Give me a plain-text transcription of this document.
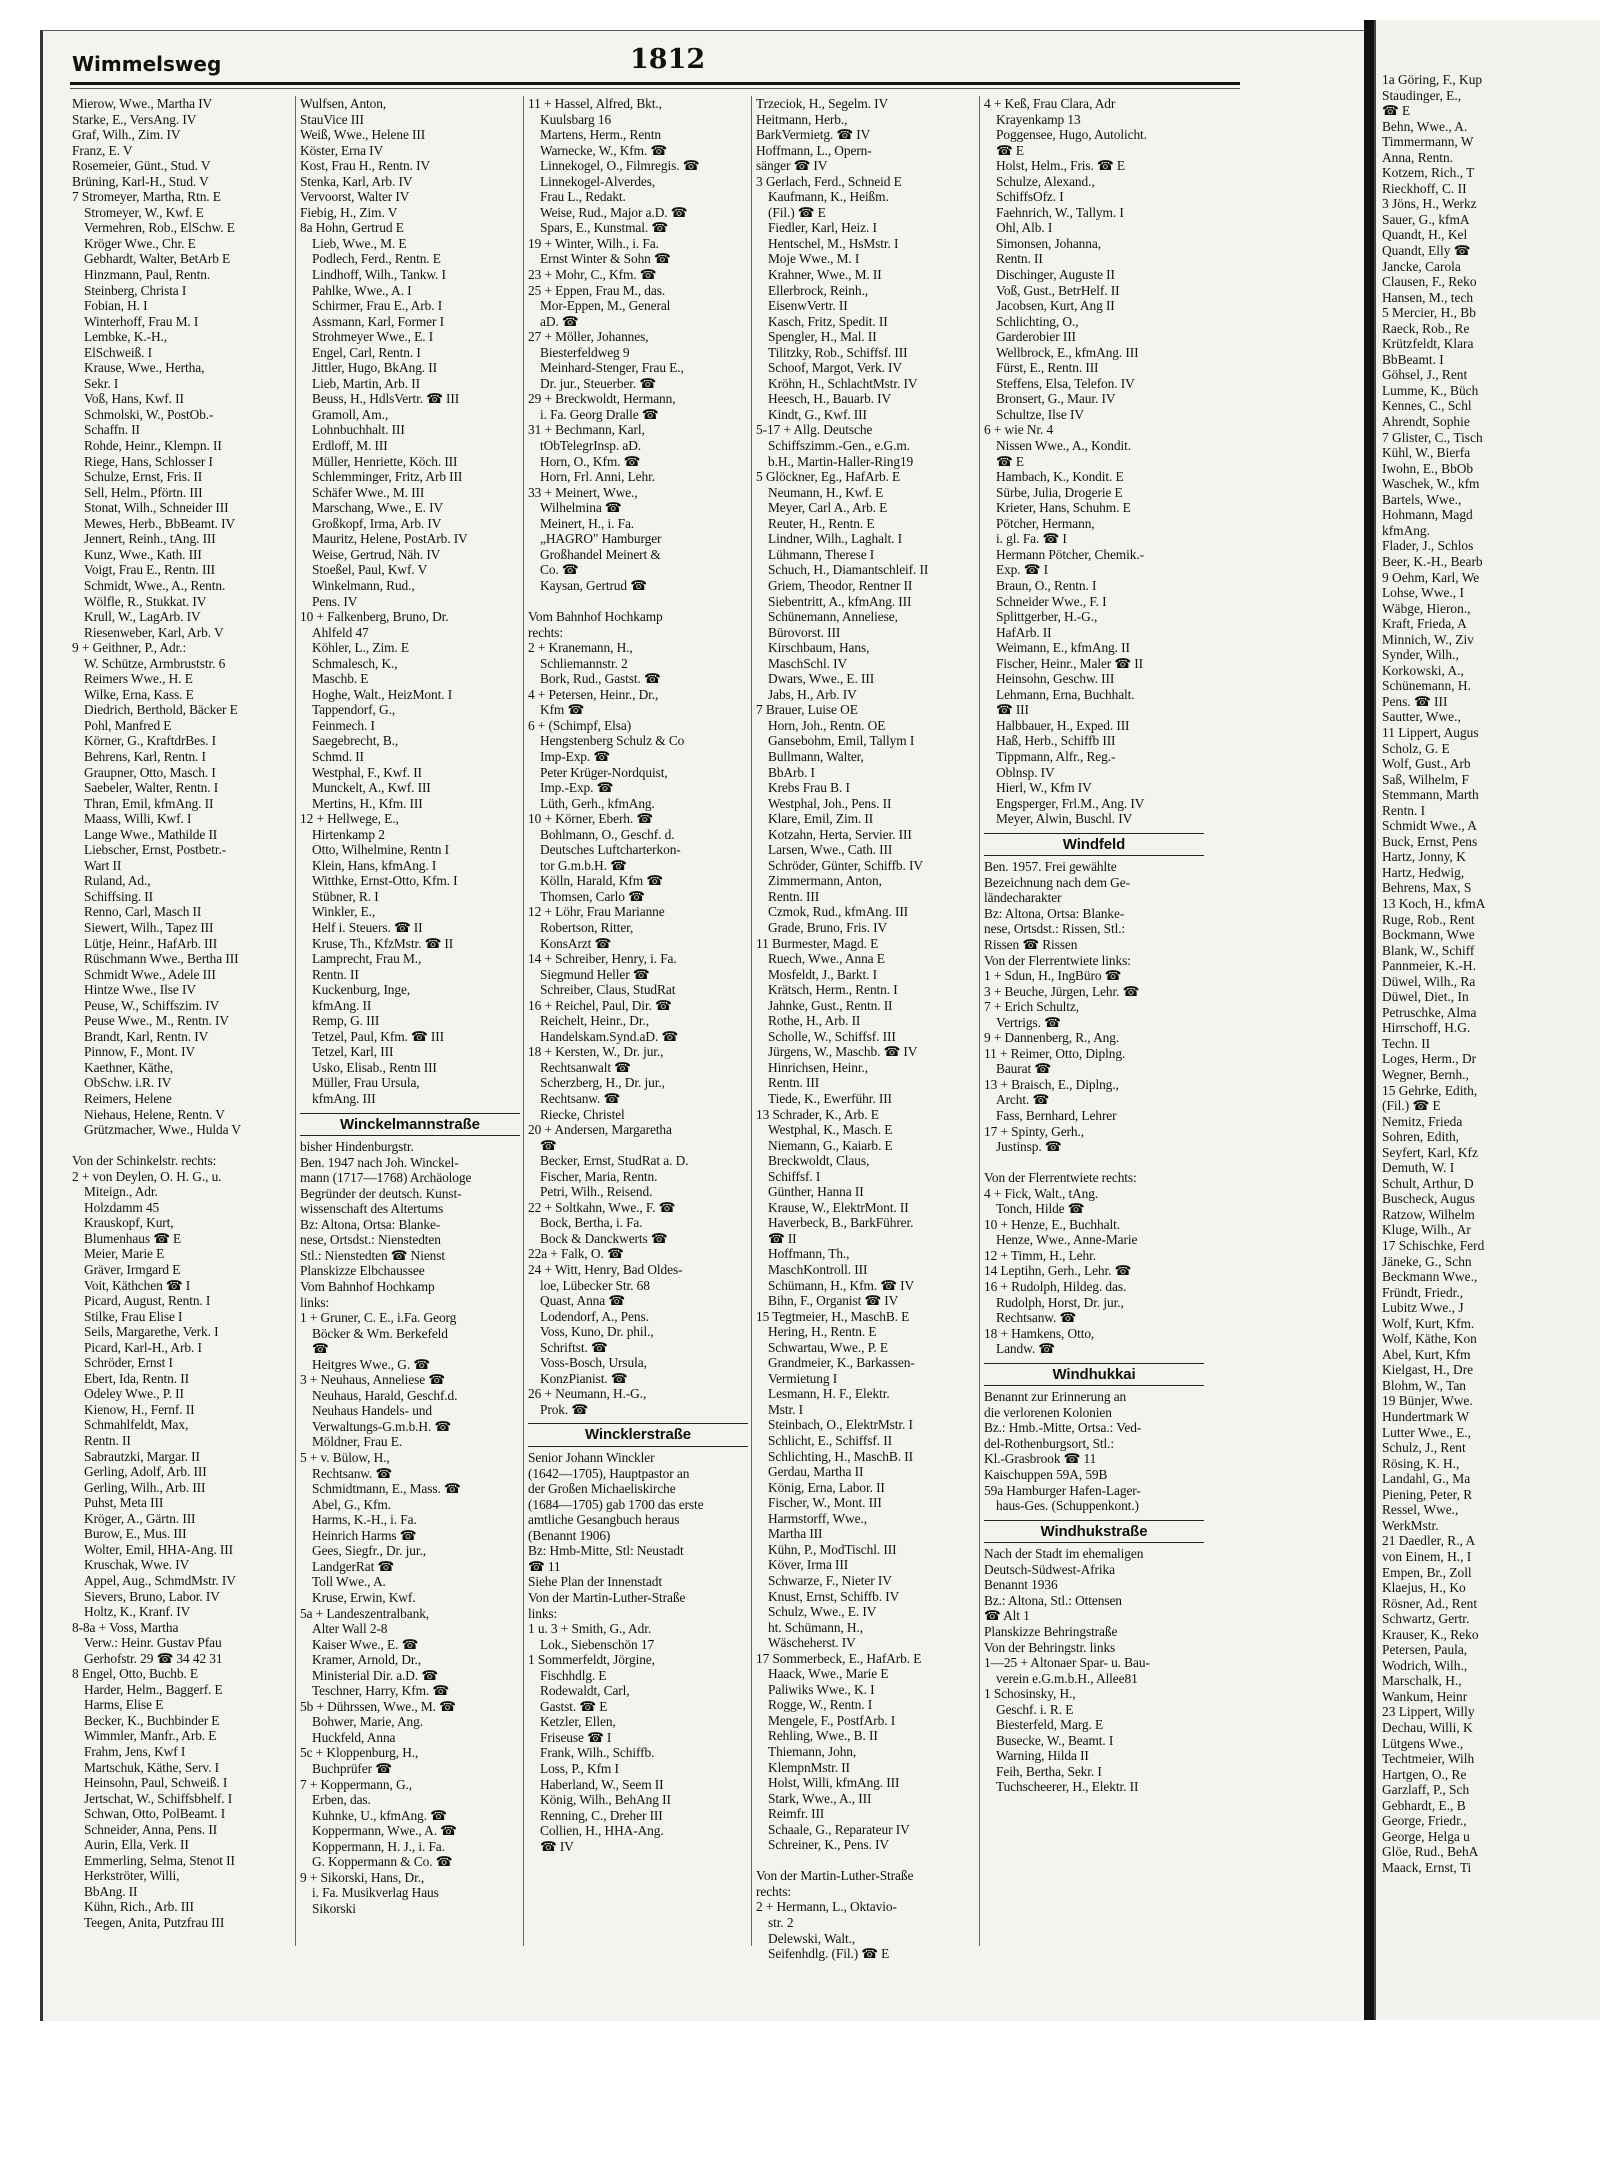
1a Göring, F., Kup

Staudinger, E.,

☎ E

Behn, Wwe., A.

Timmermann, W

Anna, Rentn.

Kotzem, Rich., T

Rieckhoff, C. II

3 Jöns, H., Werkz

Sauer, G., kfmA

Quandt, H., Kel

Quandt, Elly ☎

Jancke, Carola

Clausen, F., Reko

Hansen, M., tech

5 Mercier, H., Bb

Raeck, Rob., Re

Krützfeldt, Klara

BbBeamt. I

Göhsel, J., Rent

Lumme, K., Büch

Kennes, C., Schl

Ahrendt, Sophie

7 Glister, C., Tisch

Kühl, W., Bierfa

Iwohn, E., BbOb

Waschek, W., kfm

Bartels, Wwe.,

Hohmann, Magd

kfmAng.

Flader, J., Schlos

Beer, K.-H., Bearb

9 Oehm, Karl, We

Lohse, Wwe., I

Wäbge, Hieron.,

Kraft, Frieda, A

Minnich, W., Ziv

Synder, Wilh.,

Korkowski, A.,

Schünemann, H.

Pens. ☎ III

Sautter, Wwe.,

11 Lippert, Augus

Scholz, G. E

Wolf, Gust., Arb

Saß, Wilhelm, F

Stemmann, Marth

Rentn. I

Schmidt Wwe., A

Buck, Ernst, Pens

Hartz, Jonny, K

Hartz, Hedwig,

Behrens, Max, S

13 Koch, H., kfmA

Ruge, Rob., Rent

Bockmann, Wwe

Blank, W., Schiff

Pannmeier, K.-H.

Düwel, Wilh., Ra

Düwel, Diet., In

Petruschke, Alma

Hirrschoff, H.G.

Techn. II

Loges, Herm., Dr

Wegner, Bernh.,

15 Gehrke, Edith,

(Fil.) ☎ E

Nemitz, Frieda

Sohren, Edith,

Seyfert, Karl, Kfz

Demuth, W. I

Schult, Arthur, D

Buscheck, Augus

Ratzow, Wilhelm

Kluge, Wilh., Ar

17 Schischke, Ferd

Jäneke, G., Schn

Beckmann Wwe.,

Fründt, Friedr.,

Lubitz Wwe., J

Wolf, Kurt, Kfm.

Wolf, Käthe, Kon

Abel, Kurt, Kfm

Kielgast, H., Dre

Blohm, W., Tan

19 Bünjer, Wwe.

Hundertmark W

Lutter Wwe., E.,

Schulz, J., Rent

Rösing, K. H.,

Landahl, G., Ma

Piening, Peter, R

Ressel, Wwe.,

WerkMstr.

21 Daedler, R., A

von Einem, H., I

Empen, Br., Zoll

Klaejus, H., Ko

Rösner, Ad., Rent

Schwartz, Gertr.

Krauser, K., Reko

Petersen, Paula,

Wodrich, Wilh.,

Marschalk, H.,

Wankum, Heinr

23 Lippert, Willy

Dechau, Willi, K

Lütgens Wwe.,

Techtmeier, Wilh

Hartgen, O., Re

Garzlaff, P., Sch

Gebhardt, E., B

George, Friedr.,

George, Helga u

Glöe, Rud., BehA

Maack, Ernst, Ti

Wimmelsweg	1812

Mierow, Wwe., Martha IV

Starke, E., VersAng. IV

Graf, Wilh., Zim. IV

Franz, E. V

Rosemeier, Günt., Stud. V

Brüning, Karl-H., Stud. V

7 Stromeyer, Martha, Rtn. E

Stromeyer, W., Kwf. E

Vermehren, Rob., ElSchw. E

Kröger Wwe., Chr. E

Gebhardt, Walter, BetArb E

Hinzmann, Paul, Rentn.

Steinberg, Christa I

Fobian, H. I

Winterhoff, Frau M. I

Lembke, K.-H.,

ElSchweiß. I

Krause, Wwe., Hertha,

Sekr. I

Voß, Hans, Kwf. II

Schmolski, W., PostOb.-

Schaffn. II

Rohde, Heinr., Klempn. II

Riege, Hans, Schlosser I

Schulze, Ernst, Fris. II

Sell, Helm., Pförtn. III

Stonat, Wilh., Schneider III

Mewes, Herb., BbBeamt. IV

Jennert, Reinh., tAng. III

Kunz, Wwe., Kath. III

Voigt, Frau E., Rentn. III

Schmidt, Wwe., A., Rentn.

Wölfle, R., Stukkat. IV

Krull, W., LagArb. IV

Riesenweber, Karl, Arb. V

9 + Geithner, P., Adr.:

W. Schütze, Armbruststr. 6

Reimers Wwe., H. E

Wilke, Erna, Kass. E

Diedrich, Berthold, Bäcker E

Pohl, Manfred E

Körner, G., KraftdrBes. I

Behrens, Karl, Rentn. I

Graupner, Otto, Masch. I

Saebeler, Walter, Rentn. I

Thran, Emil, kfmAng. II

Maass, Willi, Kwf. I

Lange Wwe., Mathilde II

Liebscher, Ernst, Postbetr.-

Wart II

Ruland, Ad.,

Schiffsing. II

Renno, Carl, Masch II

Siewert, Wilh., Tapez III

Lütje, Heinr., HafArb. III

Rüschmann Wwe., Bertha III

Schmidt Wwe., Adele III

Hintze Wwe., Ilse IV

Peuse, W., Schiffszim. IV

Peuse Wwe., M., Rentn. IV

Brandt, Karl, Rentn. IV

Pinnow, F., Mont. IV

Kaethner, Käthe,

ObSchw. i.R. IV

Reimers, Helene

Niehaus, Helene, Rentn. V

Grützmacher, Wwe., Hulda V

Von der Schinkelstr. rechts:

2 + von Deylen, O. H. G., u.

Miteign., Adr.

Holzdamm 45

Krauskopf, Kurt,

Blumenhaus ☎ E

Meier, Marie E

Gräver, Irmgard E

Voit, Käthchen ☎ I

Picard, August, Rentn. I

Stilke, Frau Elise I

Seils, Margarethe, Verk. I

Picard, Karl-H., Arb. I

Schröder, Ernst I

Ebert, Ida, Rentn. II

Odeley Wwe., P. II

Kienow, H., Fernf. II

Schmahlfeldt, Max,

Rentn. II

Sabrautzki, Margar. II

Gerling, Adolf, Arb. III

Gerling, Wilh., Arb. III

Puhst, Meta III

Kröger, A., Gärtn. III

Burow, E., Mus. III

Wolter, Emil, HHA-Ang. III

Kruschak, Wwe. IV

Appel, Aug., SchmdMstr. IV

Sievers, Bruno, Labor. IV

Holtz, K., Kranf. IV

8-8a + Voss, Martha

Verw.: Heinr. Gustav Pfau

Gerhofstr. 29 ☎ 34 42 31

8 Engel, Otto, Buchb. E

Harder, Helm., Baggerf. E

Harms, Elise E

Becker, K., Buchbinder E

Wimmler, Manfr., Arb. E

Frahm, Jens, Kwf I

Martschuk, Käthe, Serv. I

Heinsohn, Paul, Schweiß. I

Jertschat, W., Schiffsbhelf. I

Schwan, Otto, PolBeamt. I

Schneider, Anna, Pens. II

Aurin, Ella, Verk. II

Emmerling, Selma, Stenot II

Herkströter, Willi,

BbAng. II

Kühn, Rich., Arb. III

Teegen, Anita, Putzfrau III

Wulfsen, Anton,

StauVice III

Weiß, Wwe., Helene III

Köster, Erna IV

Kost, Frau H., Rentn. IV

Stenka, Karl, Arb. IV

Vervoorst, Walter IV

Fiebig, H., Zim. V

8a Hohn, Gertrud E

Lieb, Wwe., M. E

Podlech, Ferd., Rentn. E

Lindhoff, Wilh., Tankw. I

Pahlke, Wwe., A. I

Schirmer, Frau E., Arb. I

Assmann, Karl, Former I

Strohmeyer Wwe., E. I

Engel, Carl, Rentn. I

Jittler, Hugo, BkAng. II

Lieb, Martin, Arb. II

Beuss, H., HdlsVertr. ☎ III

Gramoll, Am.,

Lohnbuchhalt. III

Erdloff, M. III

Müller, Henriette, Köch. III

Schlemminger, Fritz, Arb III

Schäfer Wwe., M. III

Marschang, Wwe., E. IV

Großkopf, Irma, Arb. IV

Mauritz, Helene, PostArb. IV

Weise, Gertrud, Näh. IV

Stoeßel, Paul, Kwf. V

Winkelmann, Rud.,

Pens. IV

10 + Falkenberg, Bruno, Dr.

Ahlfeld 47

Köhler, L., Zim. E

Schmalesch, K.,

Maschb. E

Hoghe, Walt., HeizMont. I

Tappendorf, G.,

Feinmech. I

Saegebrecht, B.,

Schmd. II

Westphal, F., Kwf. II

Munckelt, A., Kwf. III

Mertins, H., Kfm. III

12 + Hellwege, E.,

Hirtenkamp 2

Otto, Wilhelmine, Rentn I

Klein, Hans, kfmAng. I

Witthke, Ernst-Otto, Kfm. I

Stübner, R. I

Winkler, E.,

Helf i. Steuers. ☎ II

Kruse, Th., KfzMstr. ☎ II

Lamprecht, Frau M.,

Rentn. II

Kuckenburg, Inge,

kfmAng. II

Remp, G. III

Tetzel, Paul, Kfm. ☎ III

Tetzel, Karl, III

Usko, Elisab., Rentn III

Müller, Frau Ursula,

kfmAng. III

Winckelmannstraße

bisher Hindenburgstr.

Ben. 1947 nach Joh. Winckel-

mann (1717—1768) Archäologe

Begründer der deutsch. Kunst-

wissenschaft des Altertums

Bz: Altona, Ortsa: Blanke-

nese, Ortsdst.: Nienstedten

Stl.: Nienstedten ☎ Nienst

Planskizze Elbchaussee

Vom Bahnhof Hochkamp

links:

1 + Gruner, C. E., i.Fa. Georg

Böcker & Wm. Berkefeld

☎

Heitgres Wwe., G. ☎

3 + Neuhaus, Anneliese ☎

Neuhaus, Harald, Geschf.d.

Neuhaus Handels- und

Verwaltungs-G.m.b.H. ☎

Möldner, Frau E.

5 + v. Bülow, H.,

Rechtsanw. ☎

Schmidtmann, E., Mass. ☎

Abel, G., Kfm.

Harms, K.-H., i. Fa.

Heinrich Harms ☎

Gees, Siegfr., Dr. jur.,

LandgerRat ☎

Toll Wwe., A.

Kruse, Erwin, Kwf.

5a + Landeszentralbank,

Alter Wall 2-8

Kaiser Wwe., E. ☎

Kramer, Arnold, Dr.,

Ministerial Dir. a.D. ☎

Teschner, Harry, Kfm. ☎

5b + Dührssen, Wwe., M. ☎

Bohwer, Marie, Ang.

Huckfeld, Anna

5c + Kloppenburg, H.,

Buchprüfer ☎

7 + Koppermann, G.,

Erben, das.

Kuhnke, U., kfmAng. ☎

Koppermann, Wwe., A. ☎

Koppermann, H. J., i. Fa.

G. Koppermann & Co. ☎

9 + Sikorski, Hans, Dr.,

i. Fa. Musikverlag Haus

Sikorski

11 + Hassel, Alfred, Bkt.,

Kuulsbarg 16

Martens, Herm., Rentn

Warnecke, W., Kfm. ☎

Linnekogel, O., Filmregis. ☎

Linnekogel-Alverdes,

Frau L., Redakt.

Weise, Rud., Major a.D. ☎

Spars, E., Kunstmal. ☎

19 + Winter, Wilh., i. Fa.

Ernst Winter & Sohn ☎

23 + Mohr, C., Kfm. ☎

25 + Eppen, Frau M., das.

Mor-Eppen, M., General

aD. ☎

27 + Möller, Johannes,

Biesterfeldweg 9

Meinhard-Stenger, Frau E.,

Dr. jur., Steuerber. ☎

29 + Breckwoldt, Hermann,

i. Fa. Georg Dralle ☎

31 + Bechmann, Karl,

tObTelegrInsp. aD.

Horn, O., Kfm. ☎

Horn, Frl. Anni, Lehr.

33 + Meinert, Wwe.,

Wilhelmina ☎

Meinert, H., i. Fa.

„HAGRO" Hamburger

Großhandel Meinert &

Co. ☎

Kaysan, Gertrud ☎

Vom Bahnhof Hochkamp

rechts:

2 + Kranemann, H.,

Schliemannstr. 2

Bork, Rud., Gastst. ☎

4 + Petersen, Heinr., Dr.,

Kfm ☎

6 + (Schimpf, Elsa)

Hengstenberg Schulz & Co

Imp-Exp. ☎

Peter Krüger-Nordquist,

Imp.-Exp. ☎

Lüth, Gerh., kfmAng.

10 + Körner, Eberh. ☎

Bohlmann, O., Geschf. d.

Deutsches Luftcharterkon-

tor G.m.b.H. ☎

Kölln, Harald, Kfm ☎

Thomsen, Carlo ☎

12 + Löhr, Frau Marianne

Robertson, Ritter,

KonsArzt ☎

14 + Schreiber, Henry, i. Fa.

Siegmund Heller ☎

Schreiber, Claus, StudRat

16 + Reichel, Paul, Dir. ☎

Reichelt, Heinr., Dr.,

Handelskam.Synd.aD. ☎

18 + Kersten, W., Dr. jur.,

Rechtsanwalt ☎

Scherzberg, H., Dr. jur.,

Rechtsanw. ☎

Riecke, Christel

20 + Andersen, Margaretha

☎

Becker, Ernst, StudRat a. D.

Fischer, Maria, Rentn.

Petri, Wilh., Reisend.

22 + Soltkahn, Wwe., F. ☎

Bock, Bertha, i. Fa.

Bock & Danckwerts ☎

22a + Falk, O. ☎

24 + Witt, Henry, Bad Oldes-

loe, Lübecker Str. 68

Quast, Anna ☎

Lodendorf, A., Pens.

Voss, Kuno, Dr. phil.,

Schriftst. ☎

Voss-Bosch, Ursula,

KonzPianist. ☎

26 + Neumann, H.-G.,

Prok. ☎

Wincklerstraße

Senior Johann Winckler

(1642—1705), Hauptpastor an

der Großen Michaeliskirche

(1684—1705) gab 1700 das erste

amtliche Gesangbuch heraus

(Benannt 1906)

Bz: Hmb-Mitte, Stl: Neustadt

☎ 11

Siehe Plan der Innenstadt

Von der Martin-Luther-Straße

links:

1 u. 3 + Smith, G., Adr.

Lok., Siebenschön 17

1 Sommerfeldt, Jörgine,

Fischhdlg. E

Rodewaldt, Carl,

Gastst. ☎ E

Ketzler, Ellen,

Friseuse ☎ I

Frank, Wilh., Schiffb.

Loss, P., Kfm I

Haberland, W., Seem II

König, Wilh., BehAng II

Renning, C., Dreher III

Collien, H., HHA-Ang.

☎ IV

Trzeciok, H., Segelm. IV

Heitmann, Herb.,

BarkVermietg. ☎ IV

Hoffmann, L., Opern-

sänger ☎ IV

3 Gerlach, Ferd., Schneid E

Kaufmann, K., Heißm.

(Fil.) ☎ E

Fiedler, Karl, Heiz. I

Hentschel, M., HsMstr. I

Moje Wwe., M. I

Krahner, Wwe., M. II

Ellerbrock, Reinh.,

EisenwVertr. II

Kasch, Fritz, Spedit. II

Spengler, H., Mal. II

Tilitzky, Rob., Schiffsf. III

Schoof, Margot, Verk. IV

Kröhn, H., SchlachtMstr. IV

Heesch, H., Bauarb. IV

Kindt, G., Kwf. III

5-17 + Allg. Deutsche

Schiffszimm.-Gen., e.G.m.

b.H., Martin-Haller-Ring19

5 Glöckner, Eg., HafArb. E

Neumann, H., Kwf. E

Meyer, Carl A., Arb. E

Reuter, H., Rentn. E

Lindner, Wilh., Laghalt. I

Lühmann, Therese I

Schuch, H., Diamantschleif. II

Griem, Theodor, Rentner II

Siebentritt, A., kfmAng. III

Schünemann, Anneliese,

Bürovorst. III

Kirschbaum, Hans,

MaschSchl. IV

Dwars, Wwe., E. III

Jabs, H., Arb. IV

7 Brauer, Luise OE

Horn, Joh., Rentn. OE

Gansebohm, Emil, Tallym I

Bullmann, Walter,

BbArb. I

Krebs Frau B. I

Westphal, Joh., Pens. II

Klare, Emil, Zim. II

Kotzahn, Herta, Servier. III

Larsen, Wwe., Cath. III

Schröder, Günter, Schiffb. IV

Zimmermann, Anton,

Rentn. III

Czmok, Rud., kfmAng. III

Grade, Bruno, Fris. IV

11 Burmester, Magd. E

Ruech, Wwe., Anna E

Mosfeldt, J., Barkt. I

Krätsch, Herm., Rentn. I

Jahnke, Gust., Rentn. II

Rothe, H., Arb. II

Scholle, W., Schiffsf. III

Jürgens, W., Maschb. ☎ IV

Hinrichsen, Heinr.,

Rentn. III

Tiede, K., Ewerführ. III

13 Schrader, K., Arb. E

Westphal, K., Masch. E

Niemann, G., Kaiarb. E

Breckwoldt, Claus,

Schiffsf. I

Günther, Hanna II

Krause, W., ElektrMont. II

Haverbeck, B., BarkFührer.

☎ II

Hoffmann, Th.,

MaschKontroll. III

Schümann, H., Kfm. ☎ IV

Bihn, F., Organist ☎ IV

15 Tegtmeier, H., MaschB. E

Hering, H., Rentn. E

Schwartau, Wwe., P. E

Grandmeier, K., Barkassen-

Vermietung I

Lesmann, H. F., Elektr.

Mstr. I

Steinbach, O., ElektrMstr. I

Schlicht, E., Schiffsf. II

Schlichting, H., MaschB. II

Gerdau, Martha II

König, Erna, Labor. II

Fischer, W., Mont. III

Harmstorff, Wwe.,

Martha III

Kühn, P., ModTischl. III

Köver, Irma III

Schwarze, F., Nieter IV

Knust, Ernst, Schiffb. IV

Schulz, Wwe., E. IV

ht. Schümann, H.,

Wäscheherst. IV

17 Sommerbeck, E., HafArb. E

Haack, Wwe., Marie E

Paliwiks Wwe., K. I

Rogge, W., Rentn. I

Mengele, F., PostfArb. I

Rehling, Wwe., B. II

Thiemann, John,

KlempnMstr. II

Holst, Willi, kfmAng. III

Stark, Wwe., A., III

Reimfr. III

Schaale, G., Reparateur IV

Schreiner, K., Pens. IV

Von der Martin-Luther-Straße

rechts:

2 + Hermann, L., Oktavio-

str. 2

Delewski, Walt.,

Seifenhdlg. (Fil.) ☎ E

4 + Keß, Frau Clara, Adr

Krayenkamp 13

Poggensee, Hugo, Autolicht.

☎ E

Holst, Helm., Fris. ☎ E

Schulze, Alexand.,

SchiffsOfz. I

Faehnrich, W., Tallym. I

Ohl, Alb. I

Simonsen, Johanna,

Rentn. II

Dischinger, Auguste II

Voß, Gust., BetrHelf. II

Jacobsen, Kurt, Ang II

Schlichting, O.,

Garderobier III

Wellbrock, E., kfmAng. III

Fürst, E., Rentn. III

Steffens, Elsa, Telefon. IV

Bronsert, G., Maur. IV

Schultze, Ilse IV

6 + wie Nr. 4

Nissen Wwe., A., Kondit.

☎ E

Hambach, K., Kondit. E

Sürbe, Julia, Drogerie E

Krieter, Hans, Schuhm. E

Pötcher, Hermann,

i. gl. Fa. ☎ I

Hermann Pötcher, Chemik.-

Exp. ☎ I

Braun, O., Rentn. I

Schneider Wwe., F. I

Splittgerber, H.-G.,

HafArb. II

Weimann, E., kfmAng. II

Fischer, Heinr., Maler ☎ II

Heinsohn, Geschw. III

Lehmann, Erna, Buchhalt.

☎ III

Halbbauer, H., Exped. III

Haß, Herb., Schiffb III

Tippmann, Alfr., Reg.-

Oblnsp. IV

Hierl, W., Kfm IV

Engsperger, Frl.M., Ang. IV

Meyer, Alwin, Buschl. IV

Windfeld

Ben. 1957. Frei gewählte

Bezeichnung nach dem Ge-

ländecharakter

Bz: Altona, Ortsa: Blanke-

nese, Ortsdst.: Rissen, Stl.:

Rissen ☎ Rissen

Von der Flerrentwiete links:

1 + Sdun, H., IngBüro ☎

3 + Beuche, Jürgen, Lehr. ☎

7 + Erich Schultz,

Vertrigs. ☎

9 + Dannenberg, R., Ang.

11 + Reimer, Otto, Diplng.

Baurat ☎

13 + Braisch, E., Diplng.,

Archt. ☎

Fass, Bernhard, Lehrer

17 + Spinty, Gerh.,

Justinsp. ☎

Von der Flerrentwiete rechts:

4 + Fick, Walt., tAng.

Tonch, Hilde ☎

10 + Henze, E., Buchhalt.

Henze, Wwe., Anne-Marie

12 + Timm, H., Lehr.

14 Leptihn, Gerh., Lehr. ☎

16 + Rudolph, Hildeg. das.

Rudolph, Horst, Dr. jur.,

Rechtsanw. ☎

18 + Hamkens, Otto,

Landw. ☎

Windhukkai

Benannt zur Erinnerung an

die verlorenen Kolonien

Bz.: Hmb.-Mitte, Ortsa.: Ved-

del-Rothenburgsort, Stl.:

Kl.-Grasbrook ☎ 11

Kaischuppen 59A, 59B

59a Hamburger Hafen-Lager-

haus-Ges. (Schuppenkont.)

Windhukstraße

Nach der Stadt im ehemaligen

Deutsch-Südwest-Afrika

Benannt 1936

Bz.: Altona, Stl.: Ottensen

☎ Alt 1

Planskizze Behringstraße

Von der Behringstr. links

1—25 + Altonaer Spar- u. Bau-

verein e.G.m.b.H., Allee81

1 Schosinsky, H.,

Geschf. i. R. E

Biesterfeld, Marg. E

Busecke, W., Beamt. I

Warning, Hilda II

Feih, Bertha, Sekr. I

Tuchscheerer, H., Elektr. II
